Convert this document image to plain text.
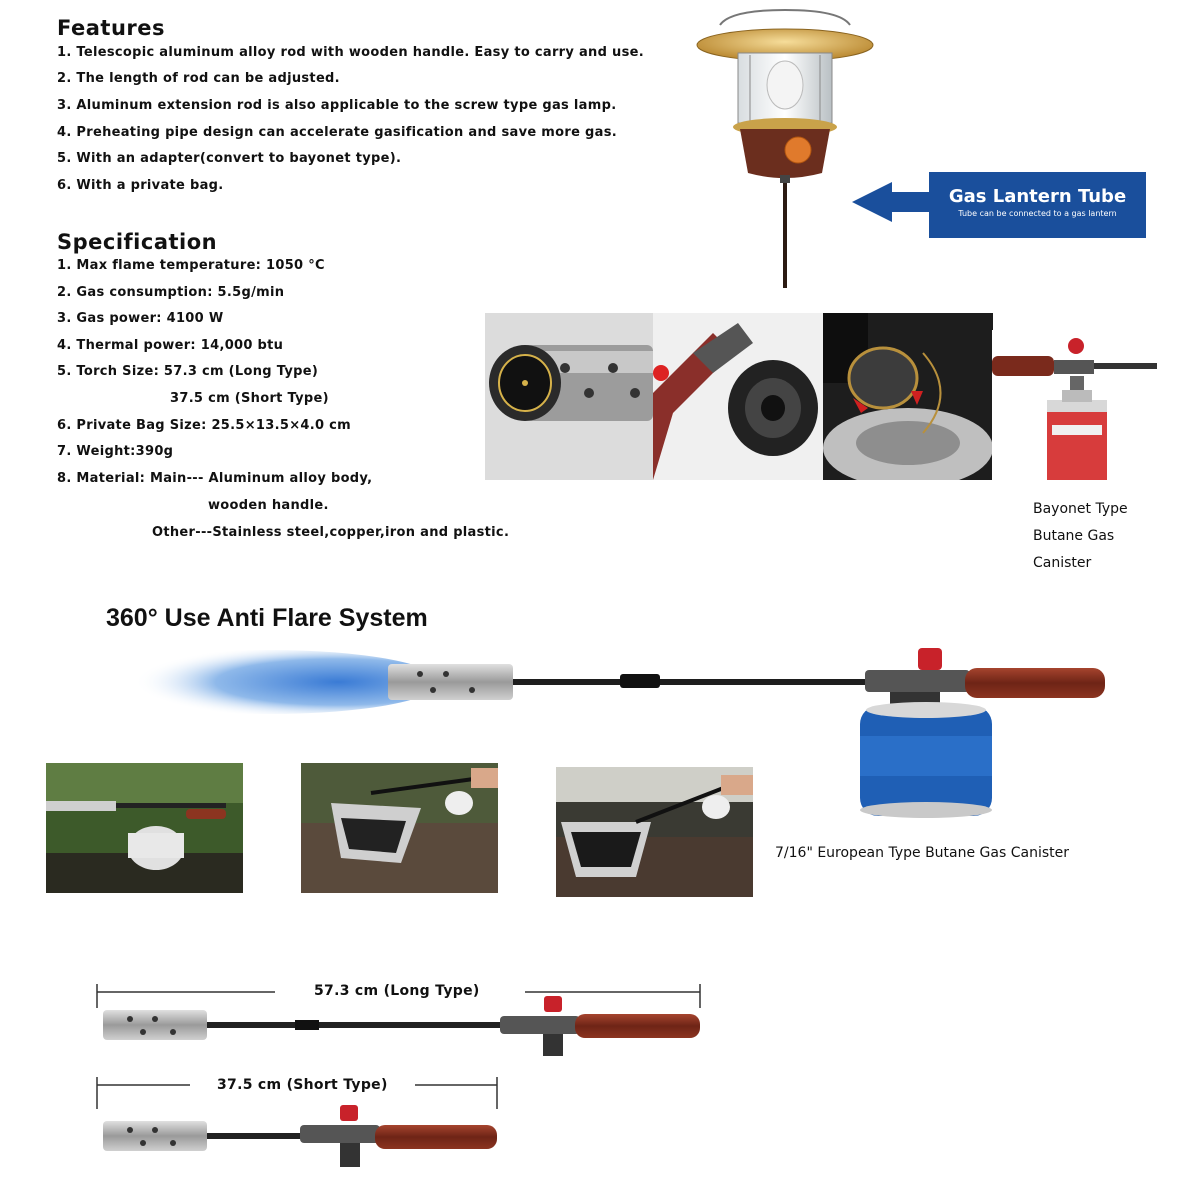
Features
1. Telescopic aluminum alloy rod with wooden handle. Easy to carry and use.
2. The length of rod can be adjusted.
3. Aluminum extension rod is also applicable to the screw type gas lamp.
4. Preheating pipe design can accelerate gasification and save more gas.
5. With an adapter(convert to bayonet type).
6. With a private bag.
Specification
1. Max flame temperature: 1050 °C
2. Gas consumption: 5.5g/min
3. Gas power: 4100 W
4. Thermal power: 14,000 btu
5. Torch Size: 57.3 cm (Long Type)
37.5 cm (Short Type)
6. Private Bag Size: 25.5×13.5×4.0 cm
7. Weight:390g
8. Material: Main--- Aluminum alloy body,
wooden handle.
Other---Stainless steel,copper,iron and plastic.
Gas Lantern Tube
Tube can be connected to a gas lantern
Bayonet Type
Butane Gas
Canister
360° Use Anti Flare System
7/16" European Type Butane Gas Canister
57.3 cm (Long Type)
37.5 cm (Short Type)
